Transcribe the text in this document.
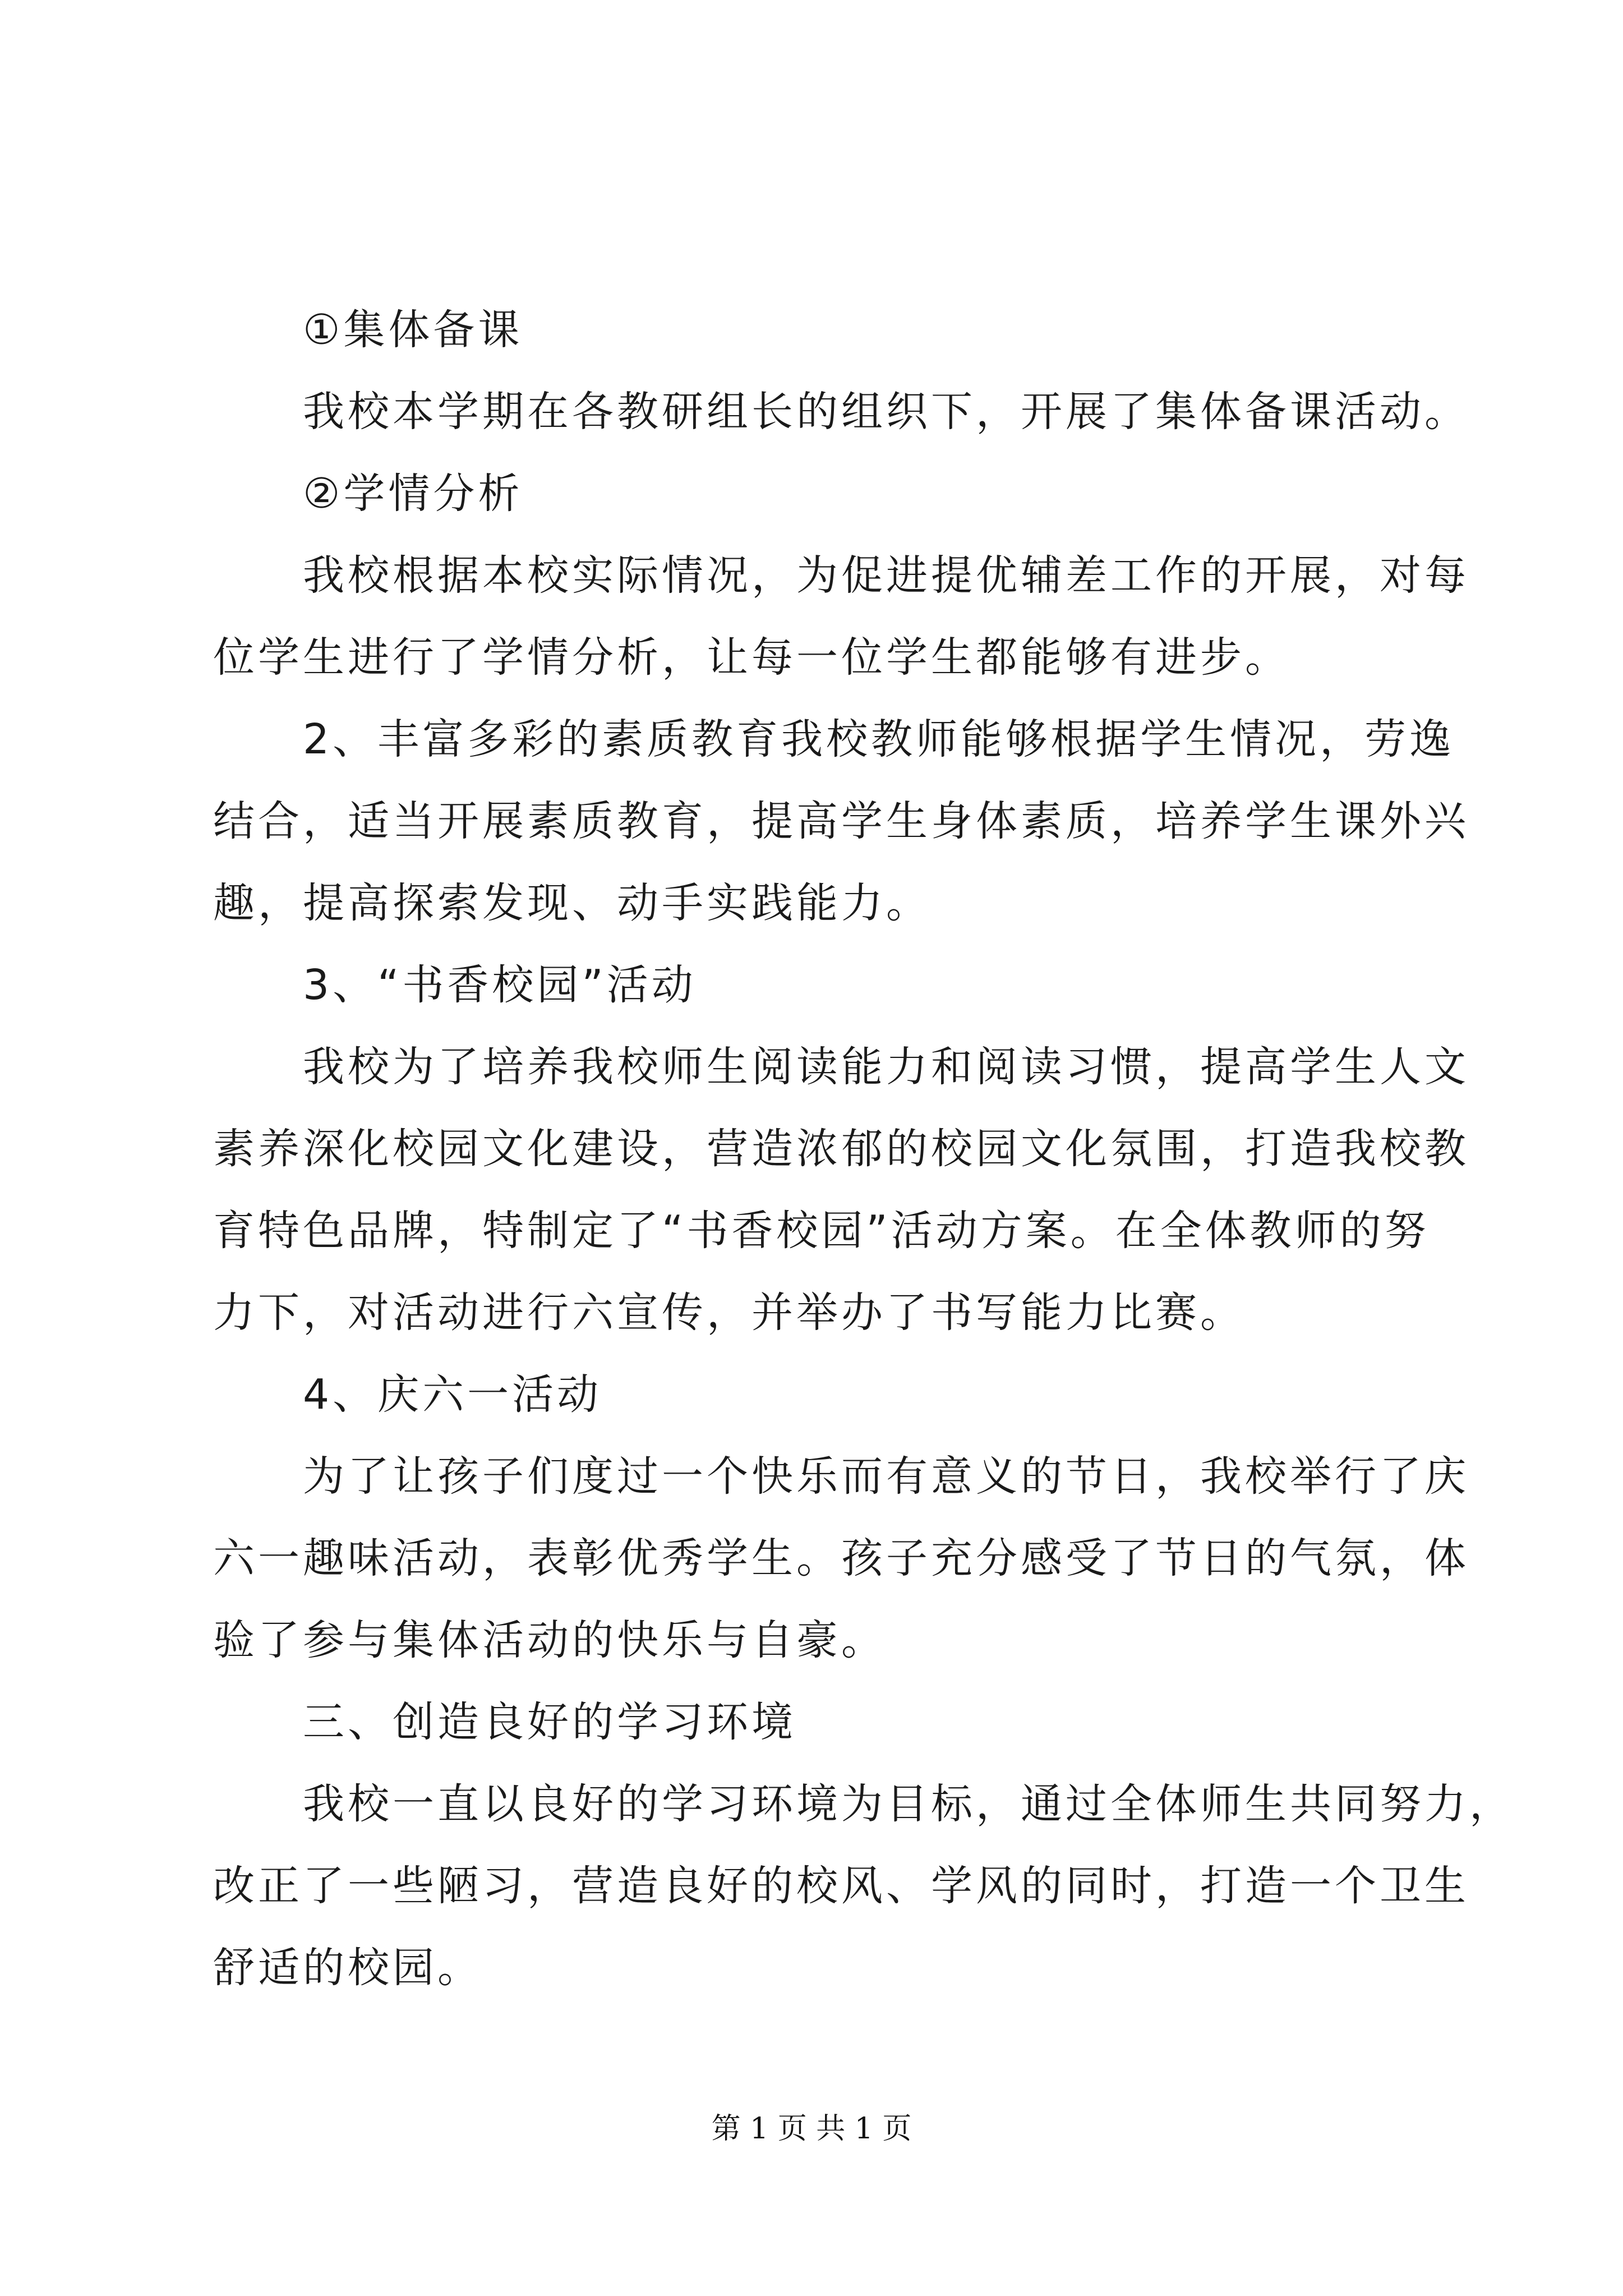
①集体备课
我校本学期在各教研组长的组织下，开展了集体备课活动。
②学情分析
我校根据本校实际情况，为促进提优辅差工作的开展，对每
位学生进行了学情分析，让每一位学生都能够有进步。
2、丰富多彩的素质教育我校教师能够根据学生情况，劳逸
结合，适当开展素质教育，提高学生身体素质，培养学生课外兴
趣，提高探索发现、动手实践能力。
3、“书香校园”活动
我校为了培养我校师生阅读能力和阅读习惯，提高学生人文
素养深化校园文化建设，营造浓郁的校园文化氛围，打造我校教
育特色品牌，特制定了“书香校园”活动方案。在全体教师的努
力下，对活动进行六宣传，并举办了书写能力比赛。
4、庆六一活动
为了让孩子们度过一个快乐而有意义的节日，我校举行了庆
六一趣味活动，表彰优秀学生。孩子充分感受了节日的气氛，体
验了参与集体活动的快乐与自豪。
三、创造良好的学习环境
我校一直以良好的学习环境为目标，通过全体师生共同努力，
改正了一些陋习，营造良好的校风、学风的同时，打造一个卫生
舒适的校园。
第 1 页 共 1 页
